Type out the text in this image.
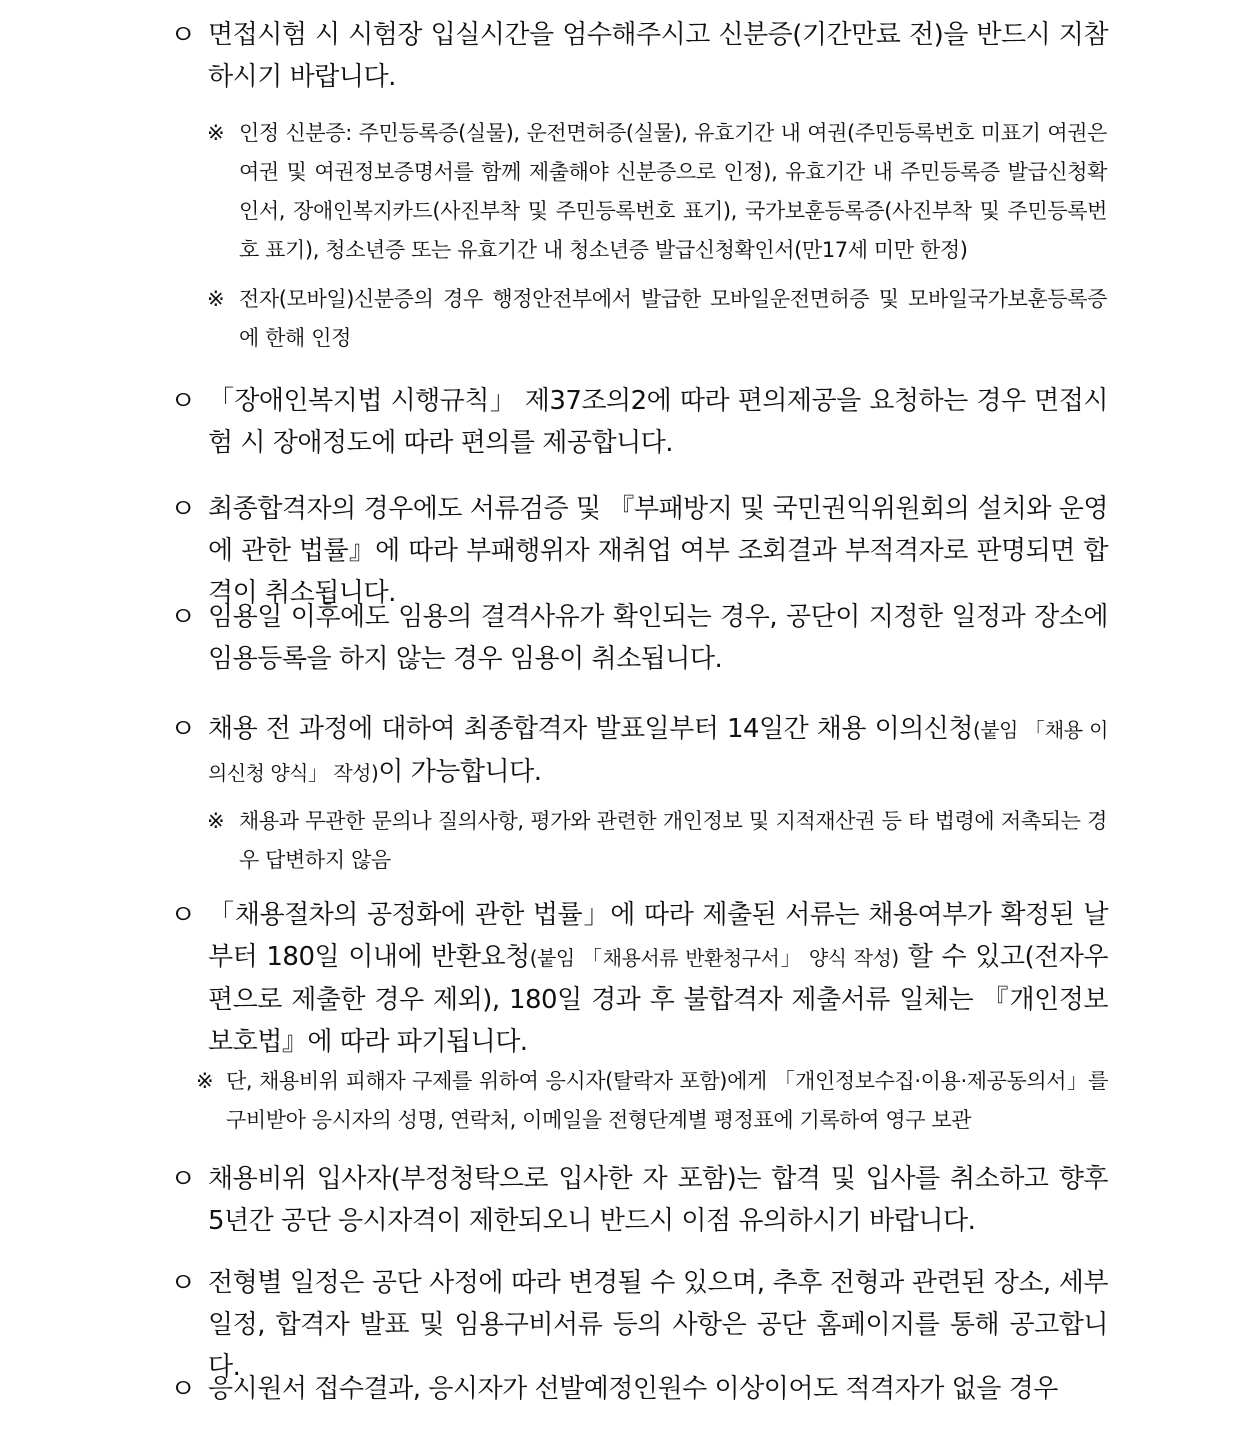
ㅇ 면접시험 시 시험장 입실시간을 엄수해주시고 신분증(기간만료 전)을 반드시 지참하시기 바랍니다.
※ 인정 신분증: 주민등록증(실물), 운전면허증(실물), 유효기간 내 여권(주민등록번호 미표기 여권은 여권 및 여권정보증명서를 함께 제출해야 신분증으로 인정), 유효기간 내 주민등록증 발급신청확인서, 장애인복지카드(사진부착 및 주민등록번호 표기), 국가보훈등록증(사진부착 및 주민등록번호 표기), 청소년증 또는 유효기간 내 청소년증 발급신청확인서(만17세 미만 한정)
※ 전자(모바일)신분증의 경우 행정안전부에서 발급한 모바일운전면허증 및 모바일국가보훈등록증에 한해 인정
ㅇ 「장애인복지법 시행규칙」 제37조의2에 따라 편의제공을 요청하는 경우 면접시험 시 장애정도에 따라 편의를 제공합니다.
ㅇ 최종합격자의 경우에도 서류검증 및 『부패방지 및 국민권익위원회의 설치와 운영에 관한 법률』에 따라 부패행위자 재취업 여부 조회결과 부적격자로 판명되면 합격이 취소됩니다.
ㅇ 임용일 이후에도 임용의 결격사유가 확인되는 경우, 공단이 지정한 일정과 장소에 임용등록을 하지 않는 경우 임용이 취소됩니다.
ㅇ 채용 전 과정에 대하여 최종합격자 발표일부터 14일간 채용 이의신청(붙임 「채용 이의신청 양식」 작성)이 가능합니다.
※ 채용과 무관한 문의나 질의사항, 평가와 관련한 개인정보 및 지적재산권 등 타 법령에 저촉되는 경우 답변하지 않음
ㅇ 「채용절차의 공정화에 관한 법률」에 따라 제출된 서류는 채용여부가 확정된 날부터 180일 이내에 반환요청(붙임 「채용서류 반환청구서」 양식 작성) 할 수 있고(전자우편으로 제출한 경우 제외), 180일 경과 후 불합격자 제출서류 일체는 『개인정보보호법』에 따라 파기됩니다.
※ 단, 채용비위 피해자 구제를 위하여 응시자(탈락자 포함)에게 「개인정보수집·이용·제공동의서」를 구비받아 응시자의 성명, 연락처, 이메일을 전형단계별 평정표에 기록하여 영구 보관
ㅇ 채용비위 입사자(부정청탁으로 입사한 자 포함)는 합격 및 입사를 취소하고 향후 5년간 공단 응시자격이 제한되오니 반드시 이점 유의하시기 바랍니다.
ㅇ 전형별 일정은 공단 사정에 따라 변경될 수 있으며, 추후 전형과 관련된 장소, 세부 일정, 합격자 발표 및 임용구비서류 등의 사항은 공단 홈페이지를 통해 공고합니다.
ㅇ 응시원서 접수결과, 응시자가 선발예정인원수 이상이어도 적격자가 없을 경우
